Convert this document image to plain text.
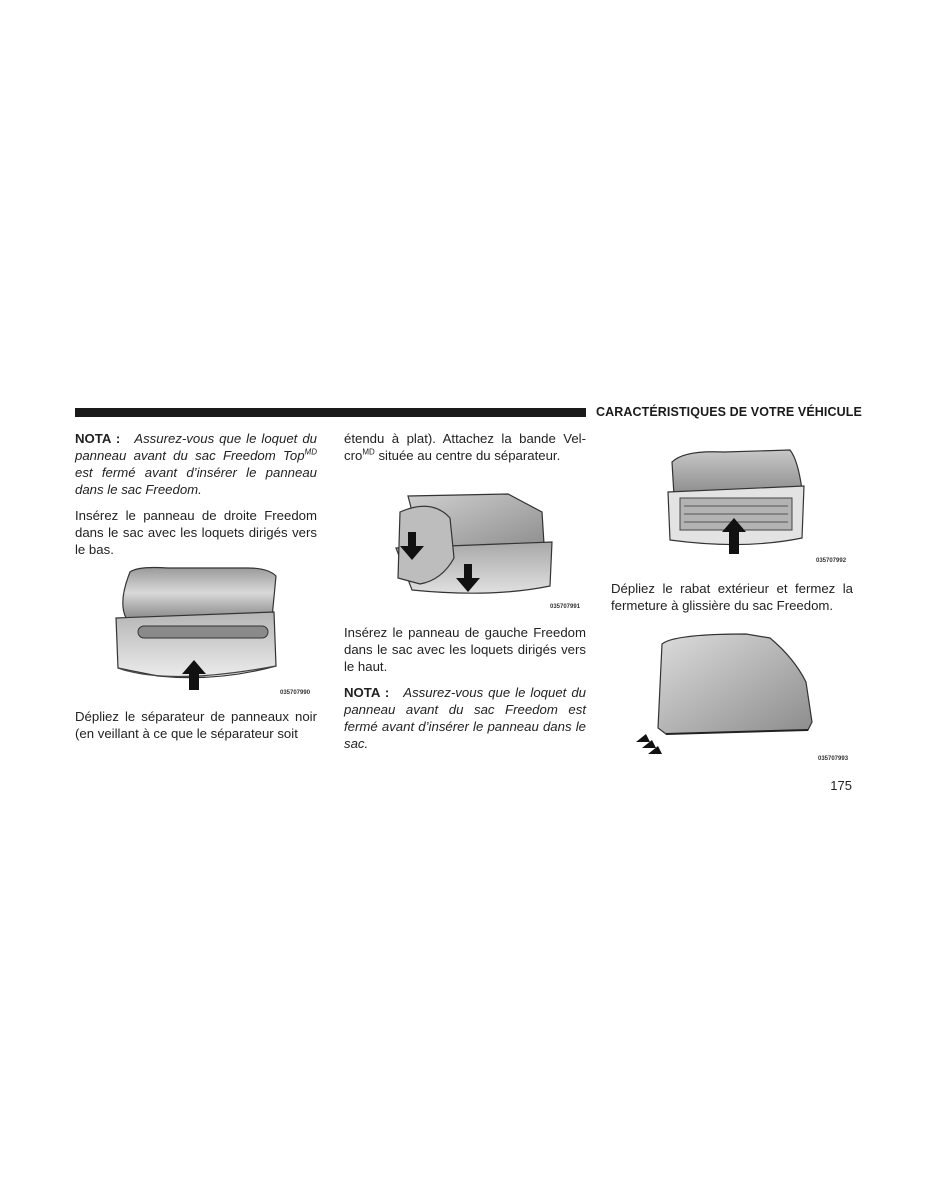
CARACTÉRISTIQUES DE VOTRE VÉHICULE

NOTA : Assurez-vous que le loquet du panneau avant du sac Freedom Top$^{MD}$ est fermé avant d’insérer le panneau dans le sac Freedom.

Insérez le panneau de droite Freedom dans le sac avec les loquets dirigés vers le bas.

035707990

Dépliez le séparateur de panneaux noir (en veillant à ce que le séparateur soit

étendu à plat). Attachez la bande Vel-cro$^{MD}$ située au centre du séparateur.

035707991

Insérez le panneau de gauche Freedom dans le sac avec les loquets dirigés vers le haut.

NOTA : Assurez-vous que le loquet du panneau avant du sac Freedom est fermé avant d’insérer le panneau dans le sac.

035707992

Dépliez le rabat extérieur et fermez la fermeture à glissière du sac Freedom.

035707993
175
